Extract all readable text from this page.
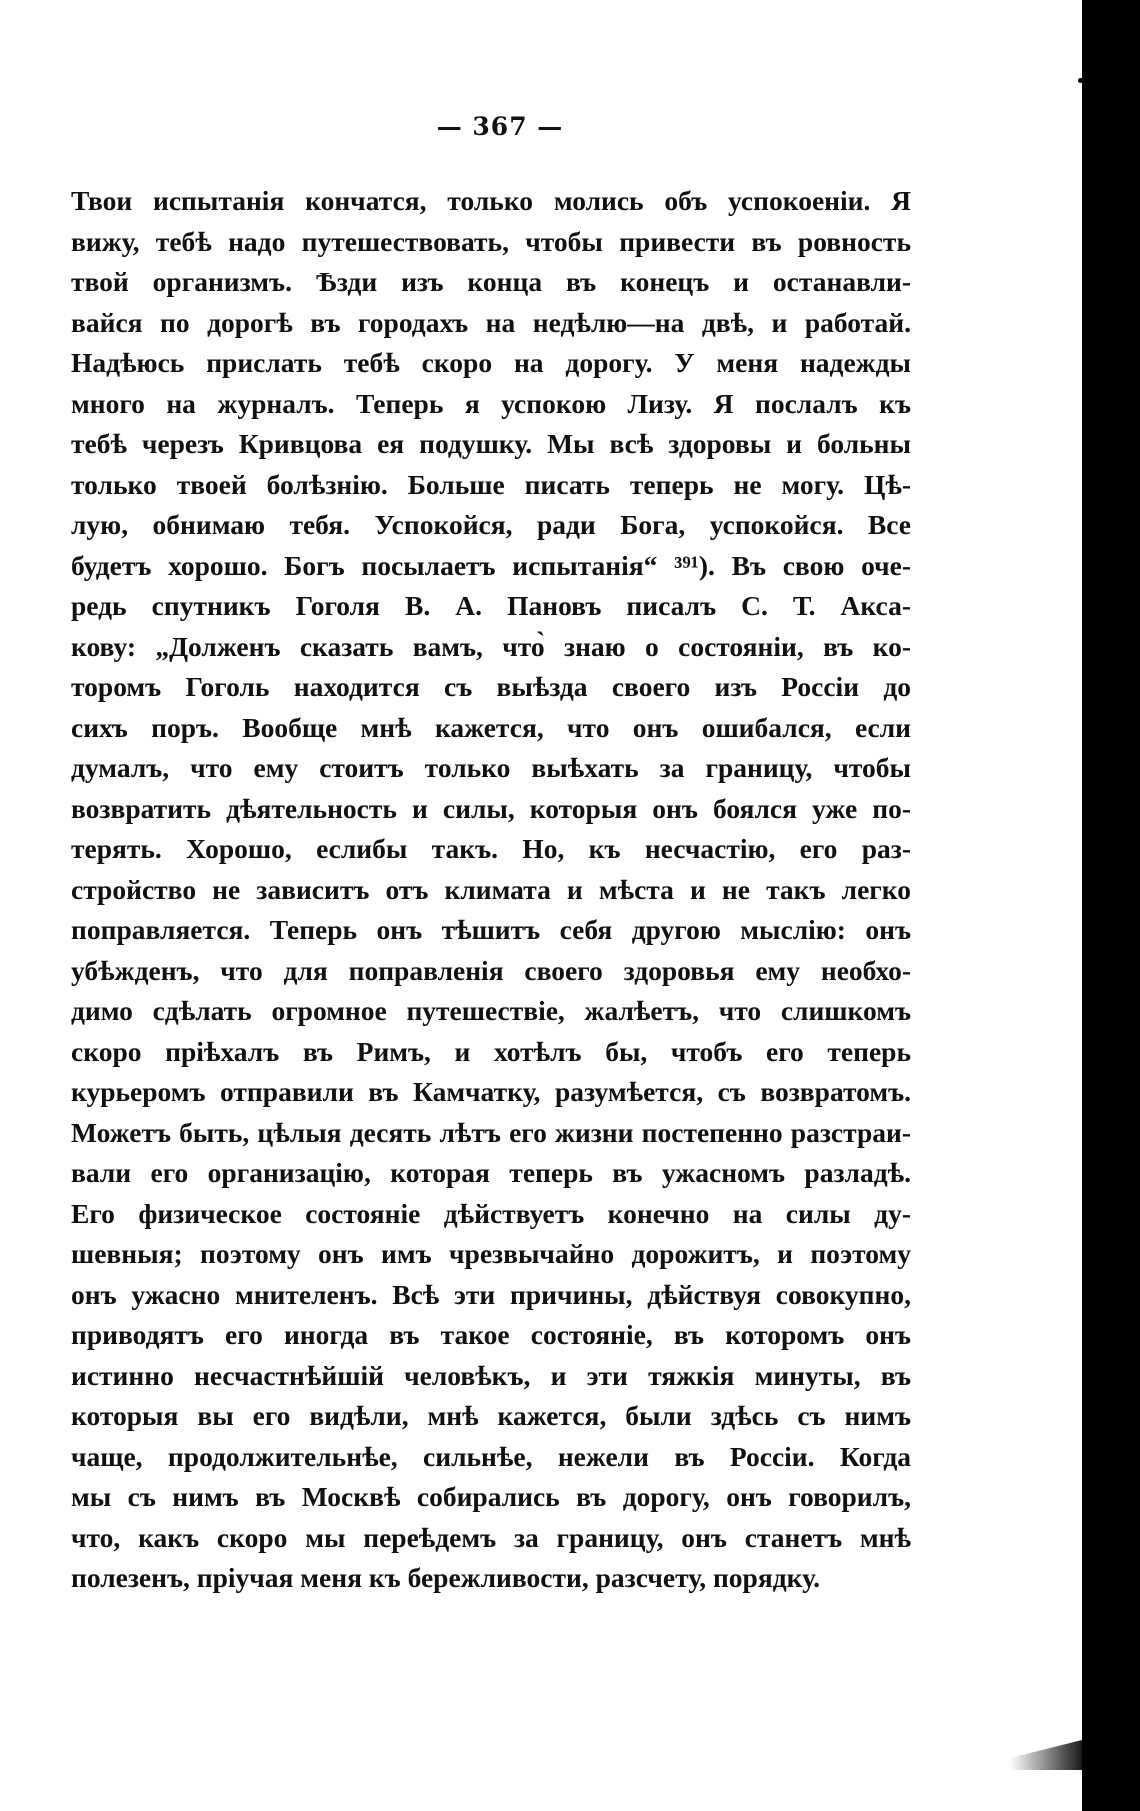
— 367 —
Твои испытанія кончатся, только молись объ успокоеніи. Я
вижу, тебѣ надо путешествовать, чтобы привести въ ровность
твой организмъ. Ѣзди изъ конца въ конецъ и останавли-
вайся по дорогѣ въ городахъ на недѣлю—на двѣ, и работай.
Надѣюсь прислать тебѣ скоро на дорогу. У меня надежды
много на журналъ. Теперь я успокою Лизу. Я послалъ къ
тебѣ черезъ Кривцова ея подушку. Мы всѣ здоровы и больны
только твоей болѣзнію. Больше писать теперь не могу. Цѣ-
лую, обнимаю тебя. Успокойся, ради Бога, успокойся. Все
будетъ хорошо. Богъ посылаетъ испытанія“ ³⁹¹). Въ свою оче-
редь спутникъ Гоголя В. А. Пановъ писалъ С. Т. Акса-
кову: „Долженъ сказать вамъ, что̀ знаю о состояніи, въ ко-
торомъ Гоголь находится съ выѣзда своего изъ Россіи до
сихъ поръ. Вообще мнѣ кажется, что онъ ошибался, если
думалъ, что ему стоитъ только выѣхать за границу, чтобы
возвратить дѣятельность и силы, которыя онъ боялся уже по-
терять. Хорошо, еслибы такъ. Но, къ несчастію, его раз-
стройство не зависитъ отъ климата и мѣста и не такъ легко
поправляется. Теперь онъ тѣшитъ себя другою мыслію: онъ
убѣжденъ, что для поправленія своего здоровья ему необхо-
димо сдѣлать огромное путешествіе, жалѣетъ, что слишкомъ
скоро пріѣхалъ въ Римъ, и хотѣлъ бы, чтобъ его теперь
курьеромъ отправили въ Камчатку, разумѣется, съ возвратомъ.
Можетъ быть, цѣлыя десять лѣтъ его жизни постепенно разстраи-
вали его организацію, которая теперь въ ужасномъ разладѣ.
Его физическое состояніе дѣйствуетъ конечно на силы ду-
шевныя; поэтому онъ имъ чрезвычайно дорожитъ, и поэтому
онъ ужасно мнителенъ. Всѣ эти причины, дѣйствуя совокупно,
приводятъ его иногда въ такое состояніе, въ которомъ онъ
истинно несчастнѣйшій человѣкъ, и эти тяжкія минуты, въ
которыя вы его видѣли, мнѣ кажется, были здѣсь съ нимъ
чаще, продолжительнѣе, сильнѣе, нежели въ Россіи. Когда
мы съ нимъ въ Москвѣ собирались въ дорогу, онъ говорилъ,
что, какъ скоро мы переѣдемъ за границу, онъ станетъ мнѣ
полезенъ, пріучая меня къ бережливости, разсчету, порядку.
